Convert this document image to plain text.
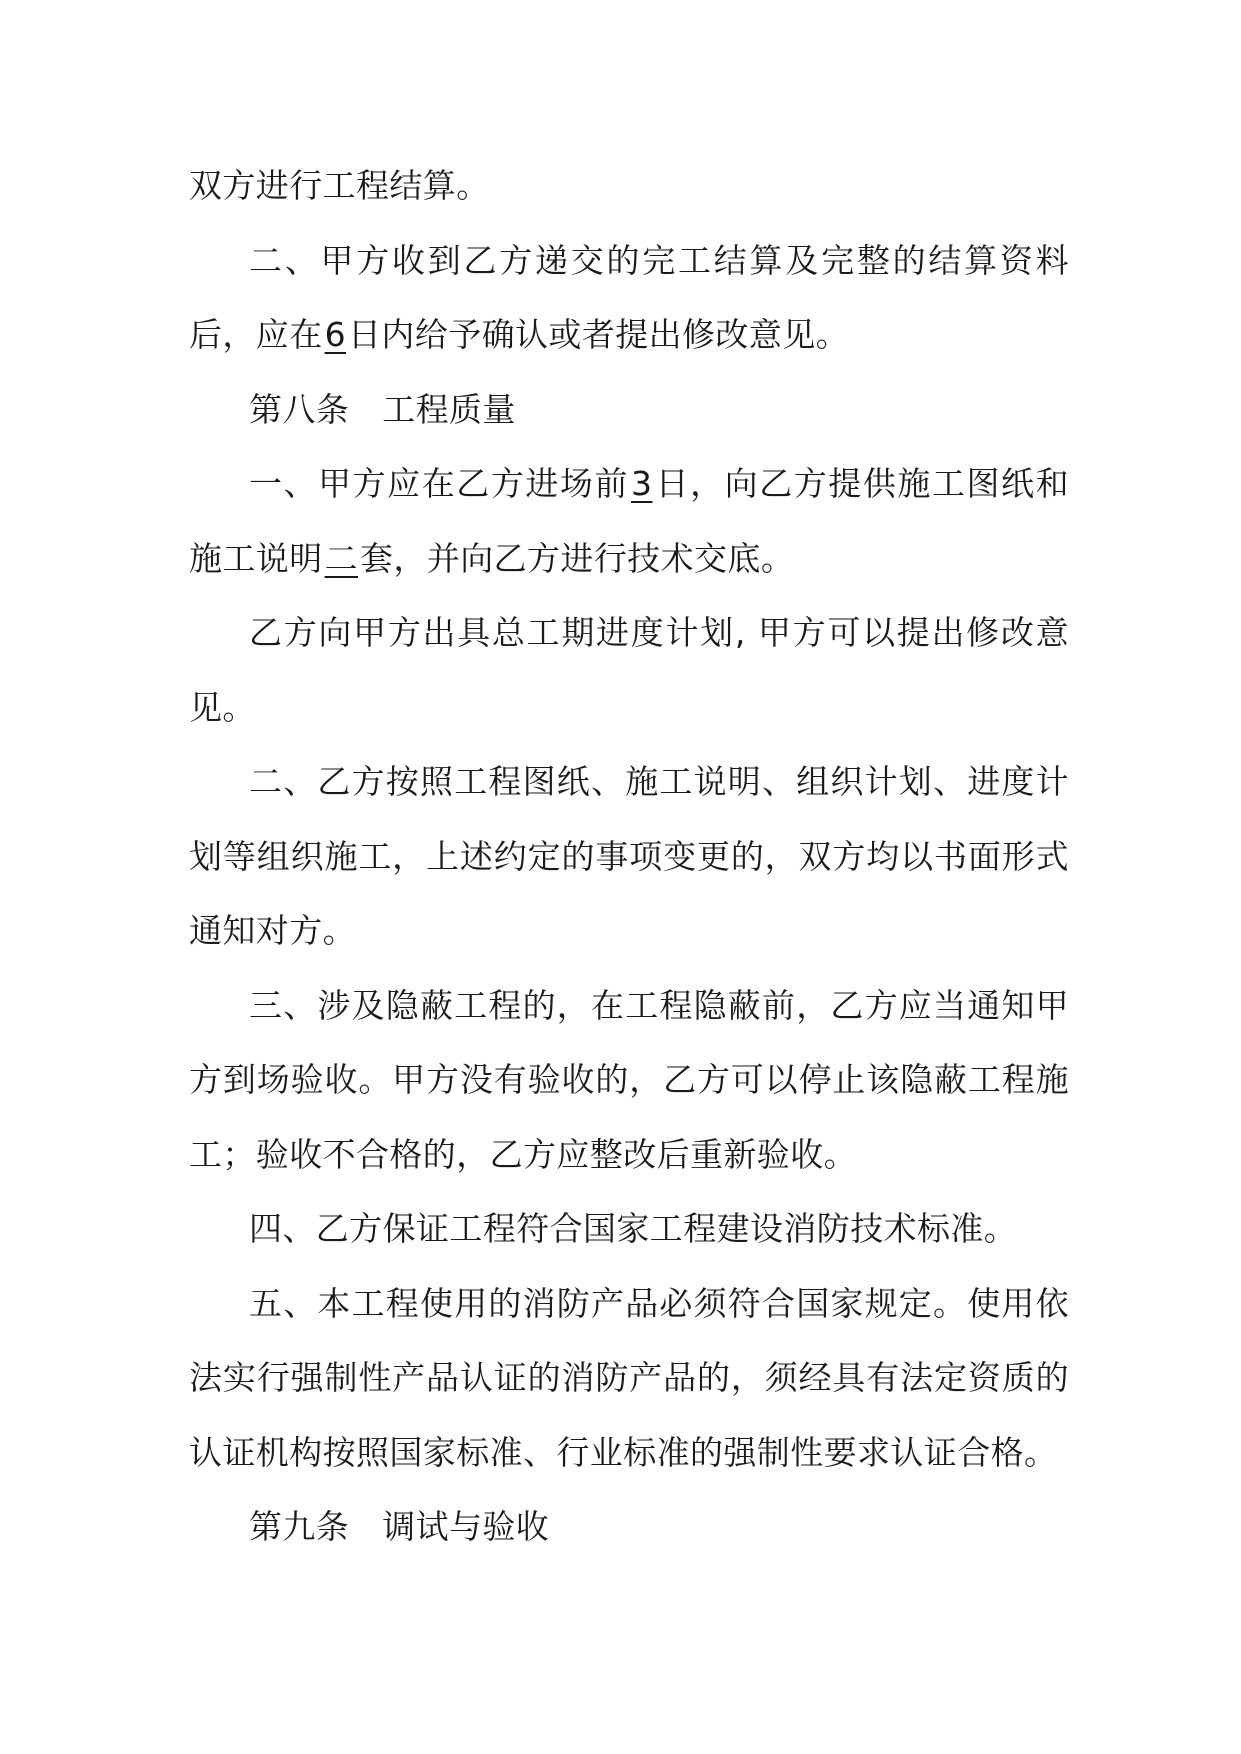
双方进行工程结算。

二、甲方收到乙方递交的完工结算及完整的结算资料后，应在6日内给予确认或者提出修改意见。

第八条 工程质量

一、甲方应在乙方进场前3日，向乙方提供施工图纸和施工说明二套，并向乙方进行技术交底。

乙方向甲方出具总工期进度计划, 甲方可以提出修改意见。

二、乙方按照工程图纸、施工说明、组织计划、进度计划等组织施工，上述约定的事项变更的，双方均以书面形式通知对方。

三、涉及隐蔽工程的，在工程隐蔽前，乙方应当通知甲方到场验收。甲方没有验收的，乙方可以停止该隐蔽工程施工；验收不合格的，乙方应整改后重新验收。

四、乙方保证工程符合国家工程建设消防技术标准。

五、本工程使用的消防产品必须符合国家规定。使用依法实行强制性产品认证的消防产品的，须经具有法定资质的认证机构按照国家标准、行业标准的强制性要求认证合格。

第九条 调试与验收
